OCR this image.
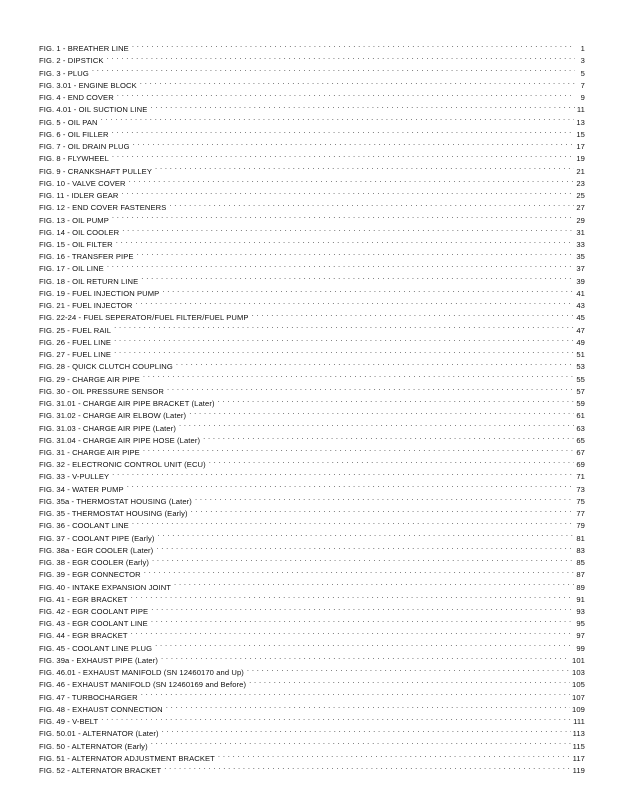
FIG. 1 - BREATHER LINE . . .	1
FIG. 2 - DIPSTICK . . .	3
FIG. 3 - PLUG . . .	5
FIG. 3.01 - ENGINE BLOCK . . .	7
FIG. 4 - END COVER . . .	9
FIG. 4.01 - OIL SUCTION LINE . . .	11
FIG. 5 - OIL PAN . . .	13
FIG. 6 - OIL FILLER . . .	15
FIG. 7 - OIL DRAIN PLUG . . .	17
FIG. 8 - FLYWHEEL . . .	19
FIG. 9 - CRANKSHAFT PULLEY . . .	21
FIG. 10 - VALVE COVER . . .	23
FIG. 11 - IDLER GEAR . . .	25
FIG. 12 - END COVER FASTENERS . . .	27
FIG. 13 - OIL PUMP . . .	29
FIG. 14 - OIL COOLER . . .	31
FIG. 15 - OIL FILTER . . .	33
FIG. 16 - TRANSFER PIPE . . .	35
FIG. 17 - OIL LINE . . .	37
FIG. 18 - OIL RETURN LINE . . .	39
FIG. 19 - FUEL INJECTION PUMP . . .	41
FIG. 21 - FUEL INJECTOR . . .	43
FIG. 22-24 - FUEL SEPERATOR/FUEL FILTER/FUEL PUMP . . .	45
FIG. 25 - FUEL RAIL . . .	47
FIG. 26 - FUEL LINE . . .	49
FIG. 27 - FUEL LINE . . .	51
FIG. 28 - QUICK CLUTCH COUPLING . . .	53
FIG. 29 - CHARGE AIR PIPE . . .	55
FIG. 30 - OIL PRESSURE SENSOR . . .	57
FIG. 31.01 - CHARGE AIR PIPE BRACKET (Later) . . .	59
FIG. 31.02 - CHARGE AIR ELBOW (Later) . . .	61
FIG. 31.03 - CHARGE AIR PIPE (Later) . . .	63
FIG. 31.04 - CHARGE AIR PIPE HOSE (Later) . . .	65
FIG. 31 - CHARGE AIR PIPE . . .	67
FIG. 32 - ELECTRONIC CONTROL UNIT (ECU) . . .	69
FIG. 33 - V-PULLEY . . .	71
FIG. 34 - WATER PUMP . . .	73
FIG. 35a - THERMOSTAT HOUSING (Later) . . .	75
FIG. 35 - THERMOSTAT HOUSING (Early) . . .	77
FIG. 36 - COOLANT LINE . . .	79
FIG. 37 - COOLANT PIPE (Early) . . .	81
FIG. 38a - EGR COOLER (Later) . . .	83
FIG. 38 - EGR COOLER (Early) . . .	85
FIG. 39 - EGR CONNECTOR . . .	87
FIG. 40 - INTAKE EXPANSION JOINT . . .	89
FIG. 41 - EGR BRACKET . . .	91
FIG. 42 - EGR COOLANT PIPE . . .	93
FIG. 43 - EGR COOLANT LINE . . .	95
FIG. 44 - EGR BRACKET . . .	97
FIG. 45 - COOLANT LINE PLUG . . .	99
FIG. 39a - EXHAUST PIPE (Later) . . .	101
FIG. 46.01 - EXHAUST MANIFOLD (SN 12460170 and Up) . . .	103
FIG. 46 - EXHAUST MANIFOLD (SN 12460169 and Before) . . .	105
FIG. 47 - TURBOCHARGER . . .	107
FIG. 48 - EXHAUST CONNECTION . . .	109
FIG. 49 - V-BELT . . .	111
FIG. 50.01 - ALTERNATOR (Later) . . .	113
FIG. 50 - ALTERNATOR (Early) . . .	115
FIG. 51 - ALTERNATOR ADJUSTMENT BRACKET . . .	117
FIG. 52 - ALTERNATOR BRACKET . . .	119
